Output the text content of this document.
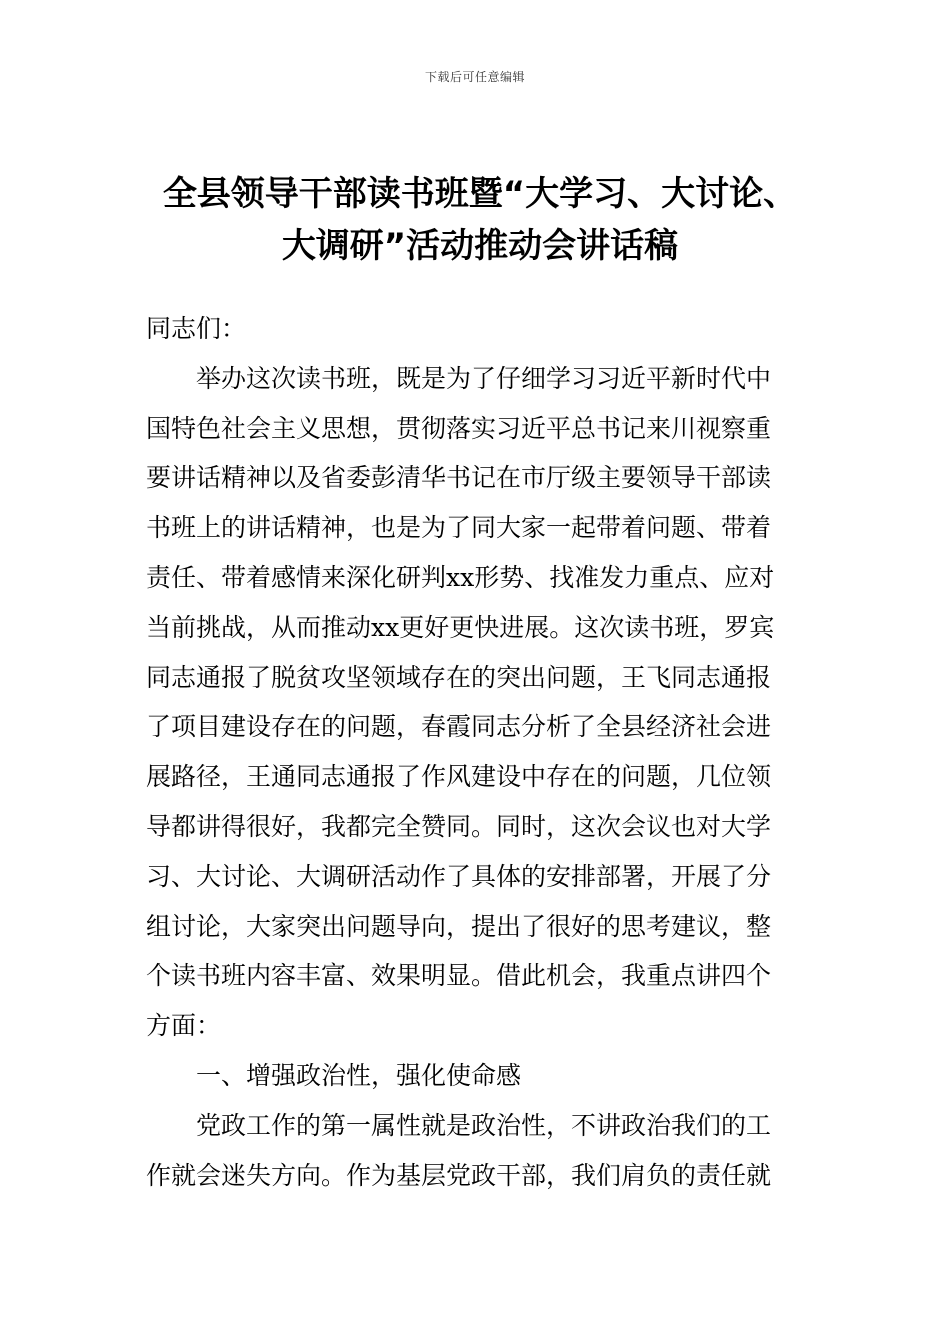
下载后可任意编辑
全县领导干部读书班暨“大学习、大讨论、
大调研”活动推动会讲话稿
同志们：
举办这次读书班，既是为了仔细学习习近平新时代中
国特色社会主义思想，贯彻落实习近平总书记来川视察重
要讲话精神以及省委彭清华书记在市厅级主要领导干部读
书班上的讲话精神，也是为了同大家一起带着问题、带着
责任、带着感情来深化研判xx形势、找准发力重点、应对
当前挑战，从而推动xx更好更快进展。这次读书班，罗宾
同志通报了脱贫攻坚领域存在的突出问题，王飞同志通报
了项目建设存在的问题，春霞同志分析了全县经济社会进
展路径，王通同志通报了作风建设中存在的问题，几位领
导都讲得很好，我都完全赞同。同时，这次会议也对大学
习、大讨论、大调研活动作了具体的安排部署，开展了分
组讨论，大家突出问题导向，提出了很好的思考建议，整
个读书班内容丰富、效果明显。借此机会，我重点讲四个
方面：
一、增强政治性，强化使命感
党政工作的第一属性就是政治性，不讲政治我们的工
作就会迷失方向。作为基层党政干部，我们肩负的责任就
